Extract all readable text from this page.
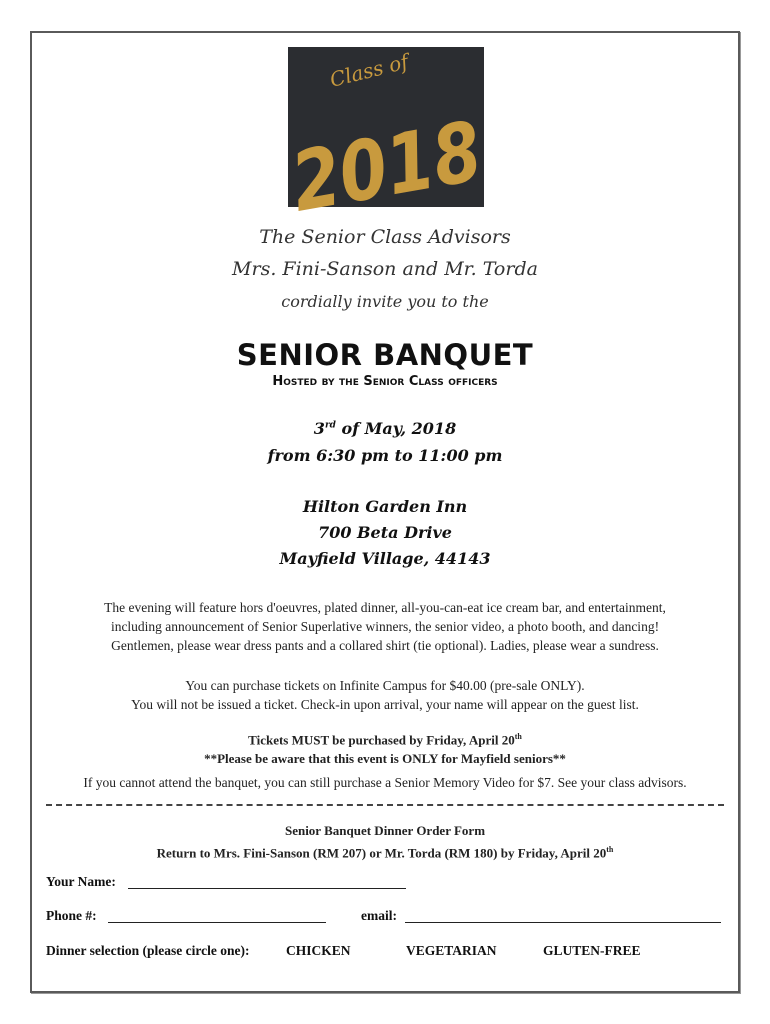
Class of
2018
The Senior Class Advisors
Mrs. Fini-Sanson and Mr. Torda
cordially invite you to the
SENIOR BANQUET
Hosted by the Senior Class officers
3rd of May, 2018
from 6:30 pm to 11:00 pm
Hilton Garden Inn
700 Beta Drive
Mayfield Village, 44143
The evening will feature hors d'oeuvres, plated dinner, all-you-can-eat ice cream bar, and entertainment,
including announcement of Senior Superlative winners, the senior video, a photo booth, and dancing!
Gentlemen, please wear dress pants and a collared shirt (tie optional). Ladies, please wear a sundress.
You can purchase tickets on Infinite Campus for $40.00 (pre-sale ONLY).
You will not be issued a ticket. Check-in upon arrival, your name will appear on the guest list.
Tickets MUST be purchased by Friday, April 20th
**Please be aware that this event is ONLY for Mayfield seniors**
If you cannot attend the banquet, you can still purchase a Senior Memory Video for $7. See your class advisors.
Senior Banquet Dinner Order Form
Return to Mrs. Fini-Sanson (RM 207) or Mr. Torda (RM 180) by Friday, April 20th
Your Name:
Phone #:	email:
Dinner selection (please circle one):	CHICKEN	VEGETARIAN	GLUTEN-FREE
